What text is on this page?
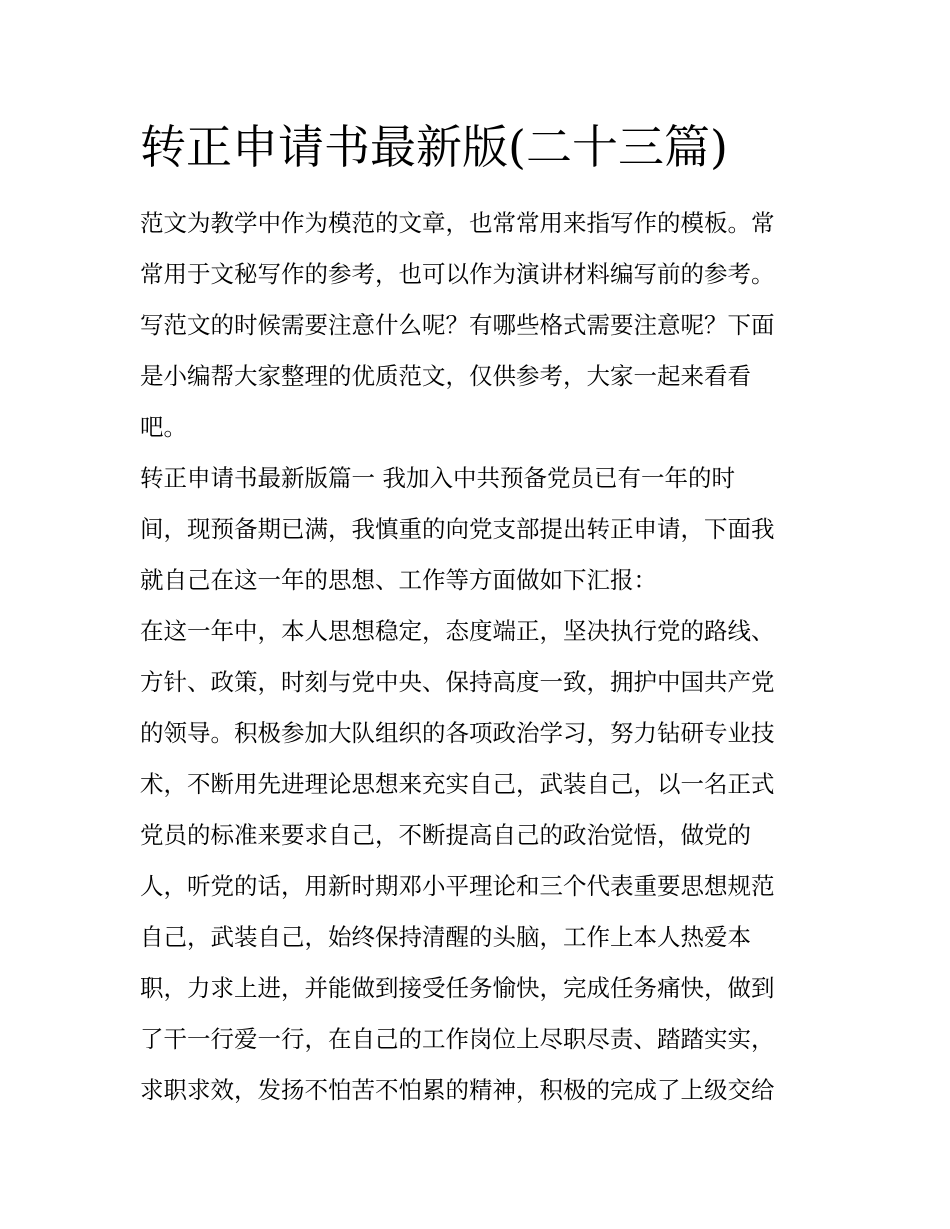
转正申请书最新版(二十三篇)
范文为教学中作为模范的文章，也常常用来指写作的模板。常
常用于文秘写作的参考，也可以作为演讲材料编写前的参考。
写范文的时候需要注意什么呢？有哪些格式需要注意呢？下面
是小编帮大家整理的优质范文，仅供参考，大家一起来看看
吧。
转正申请书最新版篇一 我加入中共预备党员已有一年的时
间，现预备期已满，我慎重的向党支部提出转正申请，下面我
就自己在这一年的思想、工作等方面做如下汇报：
在这一年中，本人思想稳定，态度端正，坚决执行党的路线、
方针、政策，时刻与党中央、保持高度一致，拥护中国共产党
的领导。积极参加大队组织的各项政治学习，努力钻研专业技
术，不断用先进理论思想来充实自己，武装自己，以一名正式
党员的标准来要求自己，不断提高自己的政治觉悟，做党的
人，听党的话，用新时期邓小平理论和三个代表重要思想规范
自己，武装自己，始终保持清醒的头脑，工作上本人热爱本
职，力求上进，并能做到接受任务愉快，完成任务痛快，做到
了干一行爱一行，在自己的工作岗位上尽职尽责、踏踏实实，
求职求效，发扬不怕苦不怕累的精神，积极的完成了上级交给
